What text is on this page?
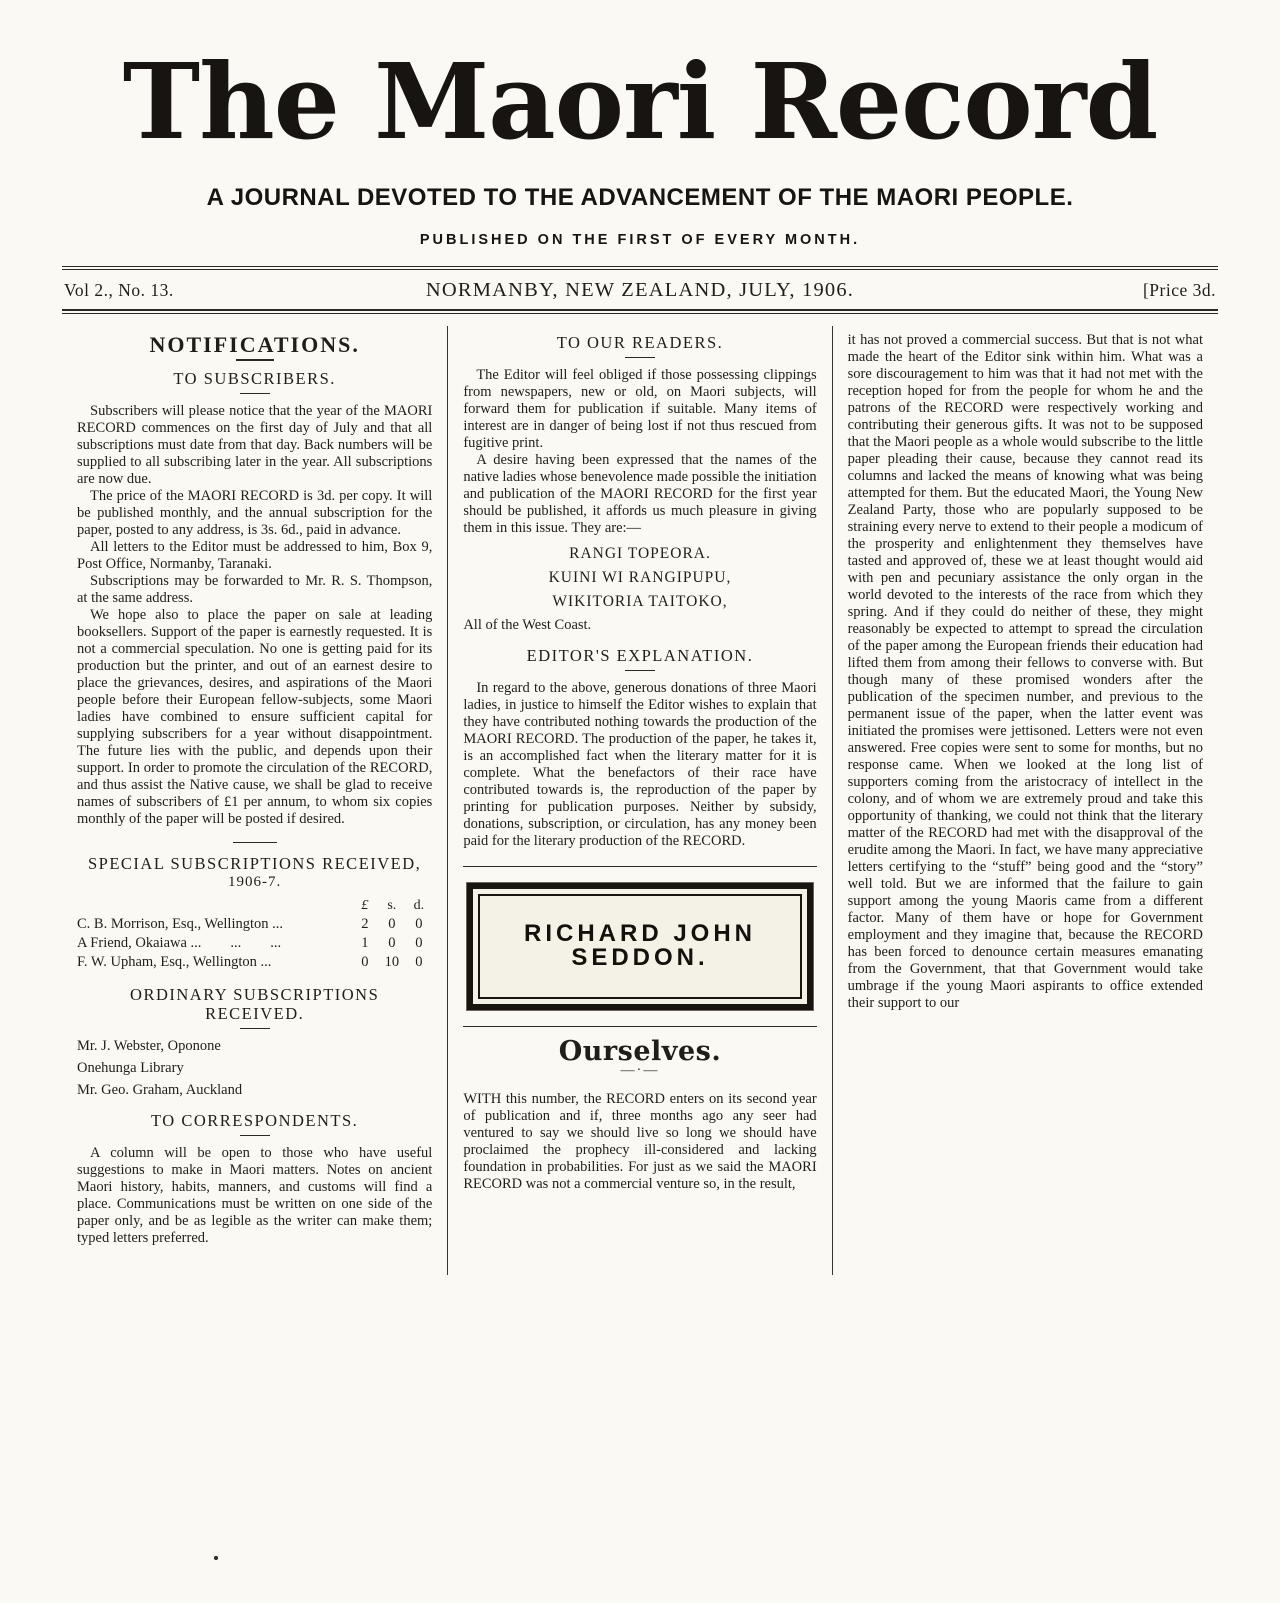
The Maori Record
A JOURNAL DEVOTED TO THE ADVANCEMENT OF THE MAORI PEOPLE.
PUBLISHED ON THE FIRST OF EVERY MONTH.
Vol 2., No. 13.	NORMANBY, NEW ZEALAND, JULY, 1906.	[Price 3d.
NOTIFICATIONS.
TO SUBSCRIBERS.

Subscribers will please notice that the year of the MAORI RECORD commences on the first day of July and that all subscriptions must date from that day. Back numbers will be supplied to all subscribing later in the year. All subscriptions are now due.

The price of the MAORI RECORD is 3d. per copy. It will be published monthly, and the annual subscription for the paper, posted to any address, is 3s. 6d., paid in advance.

All letters to the Editor must be addressed to him, Box 9, Post Office, Normanby, Taranaki.

Subscriptions may be forwarded to Mr. R. S. Thompson, at the same address.

We hope also to place the paper on sale at leading booksellers. Support of the paper is earnestly requested. It is not a commercial speculation. No one is getting paid for its production but the printer, and out of an earnest desire to place the grievances, desires, and aspirations of the Maori people before their European fellow-subjects, some Maori ladies have combined to ensure sufficient capital for supplying subscribers for a year without disappointment. The future lies with the public, and depends upon their support. In order to promote the circulation of the RECORD, and thus assist the Native cause, we shall be glad to receive names of subscribers of £1 per annum, to whom six copies monthly of the paper will be posted if desired.

SPECIAL SUBSCRIPTIONS RECEIVED,
1906-7.
	£	s.	d.
C. B. Morrison, Esq., Wellington ...	2	0	0
A Friend, Okaiawa ...  ...  ...	1	0	0
F. W. Upham, Esq., Wellington ...	0	10	0
ORDINARY SUBSCRIPTIONS
RECEIVED.

Mr. J. Webster, Oponone

Onehunga Library

Mr. Geo. Graham, Auckland

TO CORRESPONDENTS.

A column will be open to those who have useful suggestions to make in Maori matters. Notes on ancient Maori history, habits, manners, and customs will find a place. Communications must be written on one side of the paper only, and be as legible as the writer can make them; typed letters preferred.

TO OUR READERS.

The Editor will feel obliged if those possessing clippings from newspapers, new or old, on Maori subjects, will forward them for publication if suitable. Many items of interest are in danger of being lost if not thus rescued from fugitive print.

A desire having been expressed that the names of the native ladies whose benevolence made possible the initiation and publication of the MAORI RECORD for the first year should be published, it affords us much pleasure in giving them in this issue. They are:—

RANGI TOPEORA.

KUINI WI RANGIPUPU,

WIKITORIA TAITOKO,

All of the West Coast.

EDITOR'S EXPLANATION.

In regard to the above, generous donations of three Maori ladies, in justice to himself the Editor wishes to explain that they have contributed nothing towards the production of the MAORI RECORD. The production of the paper, he takes it, is an accomplished fact when the literary matter for it is complete. What the benefactors of their race have contributed towards is, the reproduction of the paper by printing for publication purposes. Neither by subsidy, donations, subscription, or circulation, has any money been paid for the literary production of the RECORD.

RICHARD JOHN
SEDDON.
Ourselves.
—·—

WITH this number, the RECORD enters on its second year of publication and if, three months ago any seer had ventured to say we should live so long we should have proclaimed the prophecy ill-considered and lacking foundation in probabilities. For just as we said the MAORI RECORD was not a commercial venture so, in the result,

it has not proved a commercial success. But that is not what made the heart of the Editor sink within him. What was a sore discouragement to him was that it had not met with the reception hoped for from the people for whom he and the patrons of the RECORD were respectively working and contributing their generous gifts. It was not to be supposed that the Maori people as a whole would subscribe to the little paper pleading their cause, because they cannot read its columns and lacked the means of knowing what was being attempted for them. But the educated Maori, the Young New Zealand Party, those who are popularly supposed to be straining every nerve to extend to their people a modicum of the prosperity and enlightenment they themselves have tasted and approved of, these we at least thought would aid with pen and pecuniary assistance the only organ in the world devoted to the interests of the race from which they spring. And if they could do neither of these, they might reasonably be expected to attempt to spread the circulation of the paper among the European friends their education had lifted them from among their fellows to converse with. But though many of these promised wonders after the publication of the specimen number, and previous to the permanent issue of the paper, when the latter event was initiated the promises were jettisoned. Letters were not even answered. Free copies were sent to some for months, but no response came. When we looked at the long list of supporters coming from the aristocracy of intellect in the colony, and of whom we are extremely proud and take this opportunity of thanking, we could not think that the literary matter of the RECORD had met with the disapproval of the erudite among the Maori. In fact, we have many appreciative letters certifying to the “stuff” being good and the “story” well told. But we are informed that the failure to gain support among the young Maoris came from a different factor. Many of them have or hope for Government employment and they imagine that, because the RECORD has been forced to denounce certain measures emanating from the Government, that that Government would take umbrage if the young Maori aspirants to office extended their support to our
